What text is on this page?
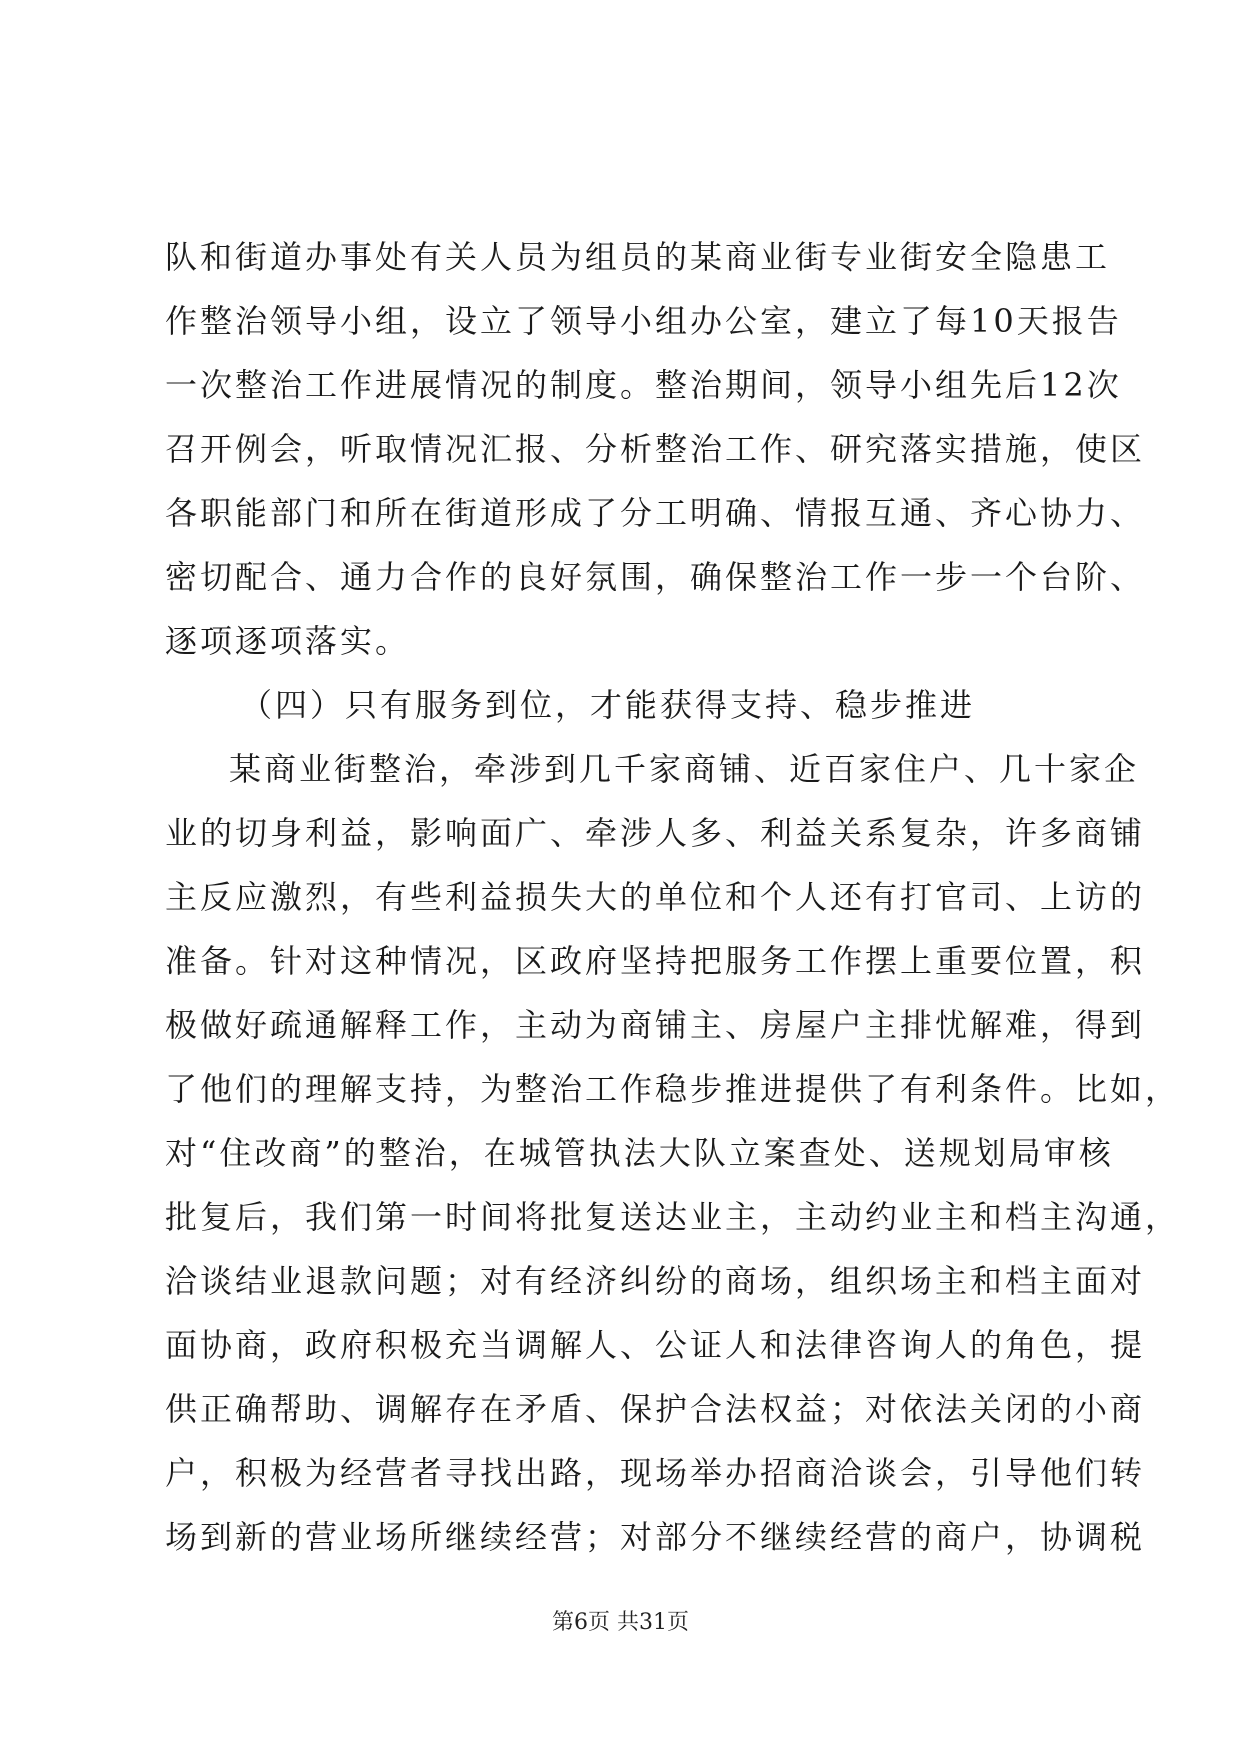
队和街道办事处有关人员为组员的某商业街专业街安全隐患工
作整治领导小组，设立了领导小组办公室，建立了每10天报告
一次整治工作进展情况的制度。整治期间，领导小组先后12次
召开例会，听取情况汇报、分析整治工作、研究落实措施，使区
各职能部门和所在街道形成了分工明确、情报互通、齐心协力、
密切配合、通力合作的良好氛围，确保整治工作一步一个台阶、
逐项逐项落实。
（四）只有服务到位，才能获得支持、稳步推进
某商业街整治，牵涉到几千家商铺、近百家住户、几十家企
业的切身利益，影响面广、牵涉人多、利益关系复杂，许多商铺
主反应激烈，有些利益损失大的单位和个人还有打官司、上访的
准备。针对这种情况，区政府坚持把服务工作摆上重要位置，积
极做好疏通解释工作，主动为商铺主、房屋户主排忧解难，得到
了他们的理解支持，为整治工作稳步推进提供了有利条件。比如，
对“住改商”的整治，在城管执法大队立案查处、送规划局审核
批复后，我们第一时间将批复送达业主，主动约业主和档主沟通，
洽谈结业退款问题；对有经济纠纷的商场，组织场主和档主面对
面协商，政府积极充当调解人、公证人和法律咨询人的角色，提
供正确帮助、调解存在矛盾、保护合法权益；对依法关闭的小商
户，积极为经营者寻找出路，现场举办招商洽谈会，引导他们转
场到新的营业场所继续经营；对部分不继续经营的商户，协调税
第6页 共31页
